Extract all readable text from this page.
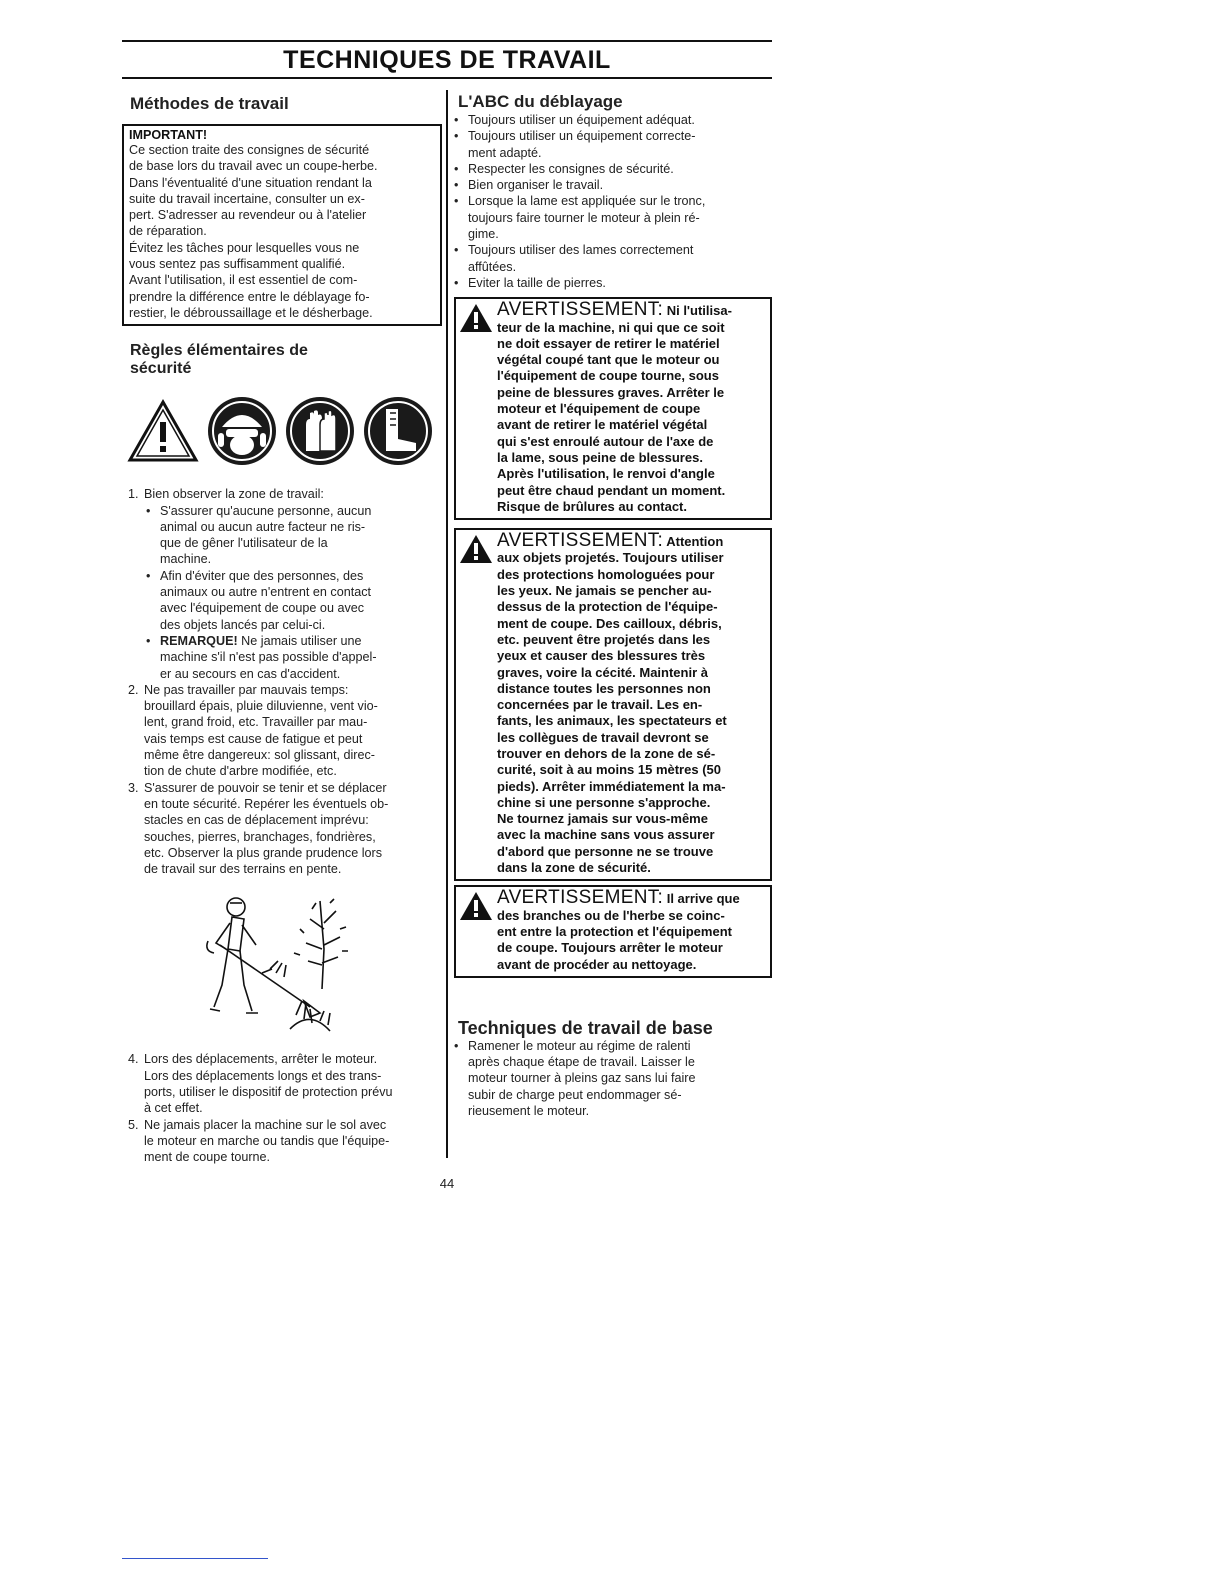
TECHNIQUES DE TRAVAIL
Méthodes de travail
IMPORTANT!
Ce section traite des consignes de sécurité
de base lors du travail avec un coupe-herbe.
Dans l'éventualité d'une situation rendant la
suite du travail incertaine, consulter un ex-
pert. S'adresser au revendeur ou à l'atelier
de réparation.
Évitez les tâches pour lesquelles vous ne
vous sentez pas suffisamment qualifié.
Avant l'utilisation, il est essentiel de com-
prendre la différence entre le déblayage fo-
restier, le débroussaillage et le désherbage.
Règles élémentaires de
sécurité
1. Bien observer la zone de travail:
• S'assurer qu'aucune personne, aucun
animal ou aucun autre facteur ne ris-
que de gêner l'utilisateur de la
machine.
• Afin d'éviter que des personnes, des
animaux ou autre n'entrent en contact
avec l'équipement de coupe ou avec
des objets lancés par celui-ci.
• REMARQUE! Ne jamais utiliser une
machine s'il n'est pas possible d'appel-
er au secours en cas d'accident.
2. Ne pas travailler par mauvais temps:
brouillard épais, pluie diluvienne, vent vio-
lent, grand froid, etc. Travailler par mau-
vais temps est cause de fatigue et peut
même être dangereux: sol glissant, direc-
tion de chute d'arbre modifiée, etc.
3. S'assurer de pouvoir se tenir et se déplacer
en toute sécurité. Repérer les éventuels ob-
stacles en cas de déplacement imprévu:
souches, pierres, branchages, fondrières,
etc. Observer la plus grande prudence lors
de travail sur des terrains en pente.
4. Lors des déplacements, arrêter le moteur.
Lors des déplacements longs et des trans-
ports, utiliser le dispositif de protection prévu
à cet effet.
5. Ne jamais placer la machine sur le sol avec
le moteur en marche ou tandis que l'équipe-
ment de coupe tourne.
L'ABC du déblayage
• Toujours utiliser un équipement adéquat.
• Toujours utiliser un équipement correcte-
ment adapté.
• Respecter les consignes de sécurité.
• Bien organiser le travail.
• Lorsque la lame est appliquée sur le tronc,
toujours faire tourner le moteur à plein ré-
gime.
• Toujours utiliser des lames correctement
affûtées.
• Eviter la taille de pierres.
AVERTISSEMENT: Ni l'utilisa-
teur de la machine, ni qui que ce soit
ne doit essayer de retirer le matériel
végétal coupé tant que le moteur ou
l'équipement de coupe tourne, sous
peine de blessures graves. Arrêter le
moteur et l'équipement de coupe
avant de retirer le matériel végétal
qui s'est enroulé autour de l'axe de
la lame, sous peine de blessures.
Après l'utilisation, le renvoi d'angle
peut être chaud pendant un moment.
Risque de brûlures au contact.
AVERTISSEMENT: Attention
aux objets projetés. Toujours utiliser
des protections homologuées pour
les yeux. Ne jamais se pencher au-
dessus de la protection de l'équipe-
ment de coupe. Des cailloux, débris,
etc. peuvent être projetés dans les
yeux et causer des blessures très
graves, voire la cécité. Maintenir à
distance toutes les personnes non
concernées par le travail. Les en-
fants, les animaux, les spectateurs et
les collègues de travail devront se
trouver en dehors de la zone de sé-
curité, soit à au moins 15 mètres (50
pieds). Arrêter immédiatement la ma-
chine si une personne s'approche.
Ne tournez jamais sur vous-même
avec la machine sans vous assurer
d'abord que personne ne se trouve
dans la zone de sécurité.
AVERTISSEMENT: Il arrive que
des branches ou de l'herbe se coinc-
ent entre la protection et l'équipement
de coupe. Toujours arrêter le moteur
avant de procéder au nettoyage.
Techniques de travail de base
• Ramener le moteur au régime de ralenti
après chaque étape de travail. Laisser le
moteur tourner à pleins gaz sans lui faire
subir de charge peut endommager sé-
rieusement le moteur.
44
